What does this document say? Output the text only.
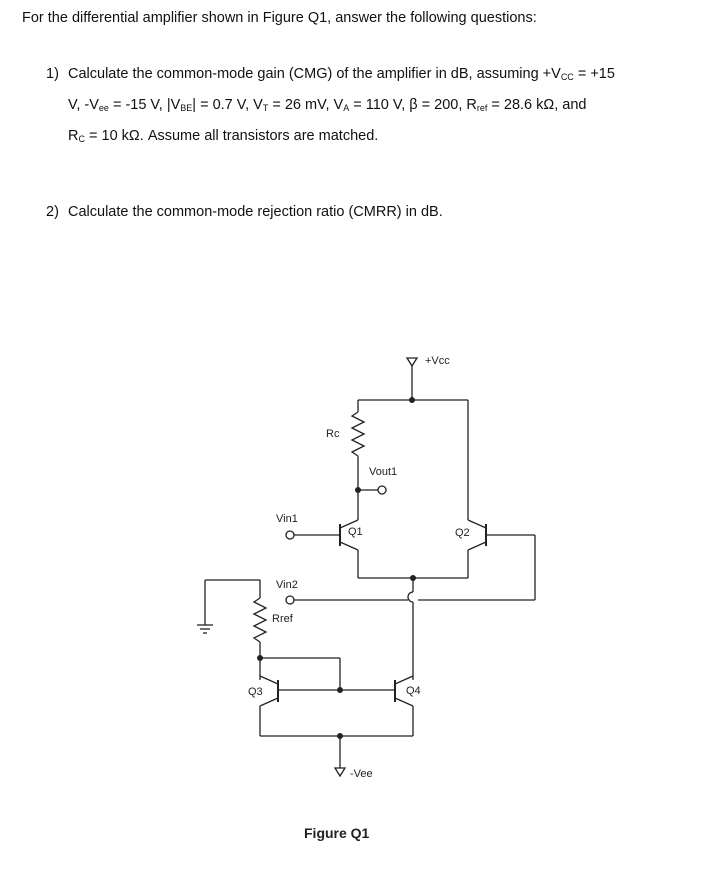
For the differential amplifier shown in Figure Q1, answer the following questions:
1) Calculate the common-mode gain (CMG) of the amplifier in dB, assuming $+V_{CC} = +15$
V, $-V_{ee} = -15$ V, $|V_{BE}| = 0.7$ V, $V_T = 26$ mV, $V_A = 110$ V, β = 200, $R_{ref} = 28.6$ kΩ, and
$R_C = 10$ kΩ. Assume all transistors are matched.
2) Calculate the common-mode rejection ratio (CMRR) in dB.
+Vcc
Rc
Vout1
Vin1
Q1	Q2
Vin2
Rref
Q3	Q4
-Vee
Figure Q1
